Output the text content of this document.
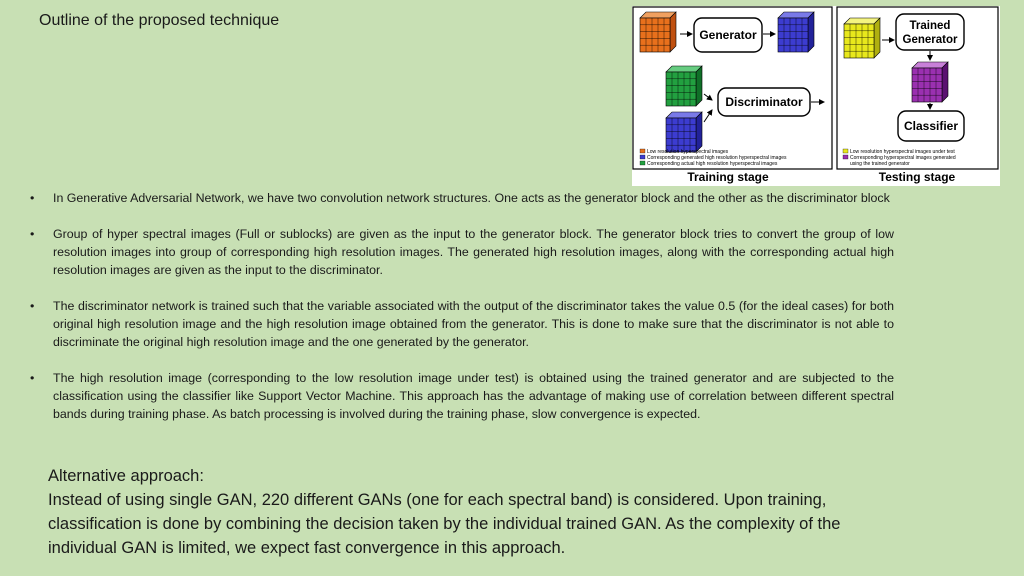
Outline of the proposed technique
Generator
Discriminator
Low resolution hyperspectral images
Corresponding generated high resolution hyperspectral images
Corresponding actual high resolution hyperspectral images
Training stage
Trained
Generator
Classifier
Low resolution hyperspectral images under test
Corresponding hyperspectral images generated
using the trained generator
Testing stage
• In Generative Adversarial Network, we have two convolution network structures. One acts as the generator block and the other as the discriminator block
• Group of hyper spectral images (Full or sublocks) are given as the input to the generator block. The generator block tries to convert the group of low resolution images into group of corresponding high resolution images. The generated high resolution images, along with the corresponding actual high resolution images are given as the input to the discriminator.
• The discriminator network is trained such that the variable associated with the output of the discriminator takes the value 0.5 (for the ideal cases) for both original high resolution image and the high resolution image obtained from the generator. This is done to make sure that the discriminator is not able to discriminate the original high resolution image and the one generated by the generator.
• The high resolution image (corresponding to the low resolution image under test) is obtained using the trained generator and are subjected to the classification using the classifier like Support Vector Machine. This approach has the advantage of making use of correlation between different spectral bands during training phase. As batch processing is involved during the training phase, slow convergence is expected.

Alternative approach:

Instead of using single GAN, 220 different GANs (one for each spectral band) is considered. Upon training, classification is done by combining the decision taken by the individual trained GAN. As the complexity of the individual GAN is limited, we expect fast convergence in this approach.
